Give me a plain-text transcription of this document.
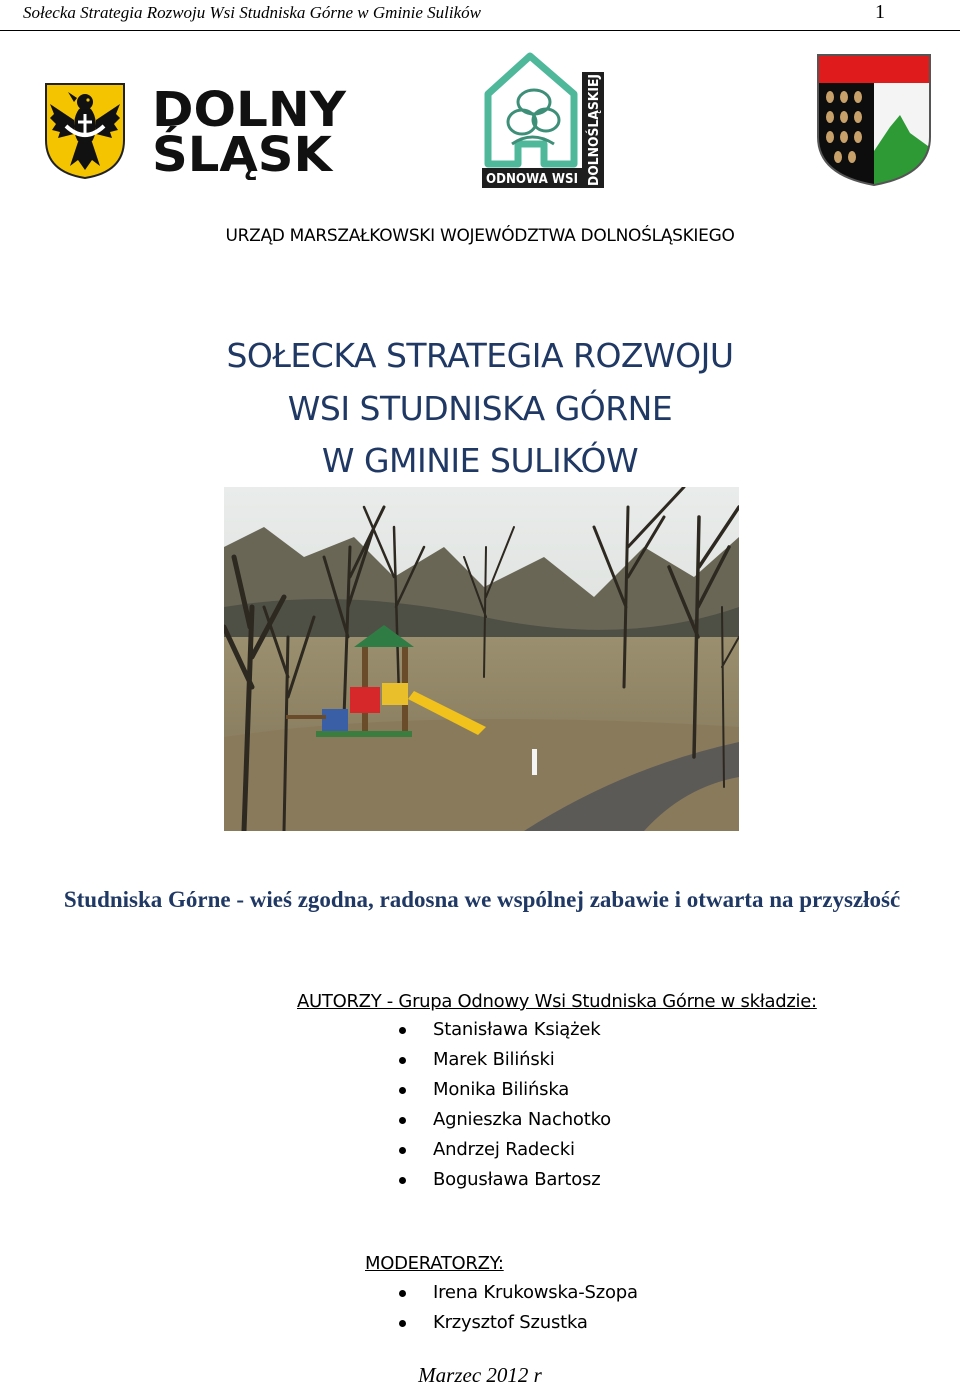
Sołecka Strategia Rozwoju Wsi Studniska Górne w Gminie Sulików	1
DOLNY
ŚLĄSK	DOLNOŚLĄSKIEJ
ODNOWA WSI
URZĄD MARSZAŁKOWSKI WOJEWÓDZTWA DOLNOŚLĄSKIEGO
SOŁECKA STRATEGIA ROZWOJU
WSI STUDNISKA GÓRNE
W GMINIE SULIKÓW
Studniska Górne - wieś zgodna, radosna we wspólnej zabawie i otwarta na przyszłość
AUTORZY - Grupa Odnowy Wsi Studniska Górne w składzie:
Stanisława Książek
Marek Biliński
Monika Bilińska
Agnieszka Nachotko
Andrzej Radecki
Bogusława Bartosz
MODERATORZY:
Irena Krukowska-Szopa
Krzysztof Szustka
Marzec 2012 r
